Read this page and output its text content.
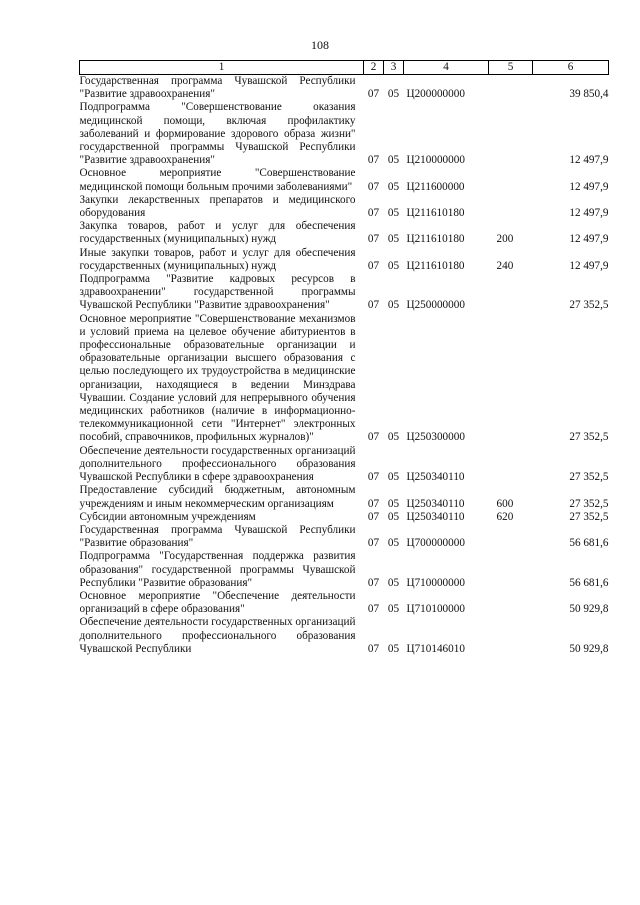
108
1	2	3	4	5	6
Государственная программа Чувашской Республики "Развитие здравоохранения"	07	05	Ц200000000		39 850,4
Подпрограмма "Совершенствование оказания медицинской помощи, включая профилактику заболеваний и формирование здорового образа жизни" государственной программы Чувашской Республики "Развитие здравоохранения"	07	05	Ц210000000		12 497,9
Основное мероприятие "Совершенствование медицинской помощи больным прочими заболеваниями"	07	05	Ц211600000		12 497,9
Закупки лекарственных препаратов и медицинского оборудования	07	05	Ц211610180		12 497,9
Закупка товаров, работ и услуг для обеспечения государственных (муниципальных) нужд	07	05	Ц211610180	200	12 497,9
Иные закупки товаров, работ и услуг для обеспечения государственных (муниципальных) нужд	07	05	Ц211610180	240	12 497,9
Подпрограмма "Развитие кадровых ресурсов в здравоохранении" государственной программы Чувашской Республики "Развитие здравоохранения"	07	05	Ц250000000		27 352,5
Основное мероприятие "Совершенствование механизмов и условий приема на целевое обучение абитуриентов в профессиональные образовательные организации и образовательные организации высшего образования с целью последующего их трудоустройства в медицинские организации, находящиеся в ведении Минздрава Чувашии. Создание условий для непрерывного обучения медицинских работников (наличие в информационно-телекоммуникационной сети "Интернет" электронных пособий, справочников, профильных журналов)"	07	05	Ц250300000		27 352,5
Обеспечение деятельности государственных организаций дополнительного профессионального образования Чувашской Республики в сфере здравоохранения	07	05	Ц250340110		27 352,5
Предоставление субсидий бюджетным, автономным учреждениям и иным некоммерческим организациям	07	05	Ц250340110	600	27 352,5
Субсидии автономным учреждениям	07	05	Ц250340110	620	27 352,5
Государственная программа Чувашской Республики "Развитие образования"	07	05	Ц700000000		56 681,6
Подпрограмма "Государственная поддержка развития образования" государственной программы Чувашской Республики "Развитие образования"	07	05	Ц710000000		56 681,6
Основное мероприятие "Обеспечение деятельности организаций в сфере образования"	07	05	Ц710100000		50 929,8
Обеспечение деятельности государственных организаций дополнительного профессионального образования Чувашской Республики	07	05	Ц710146010		50 929,8
